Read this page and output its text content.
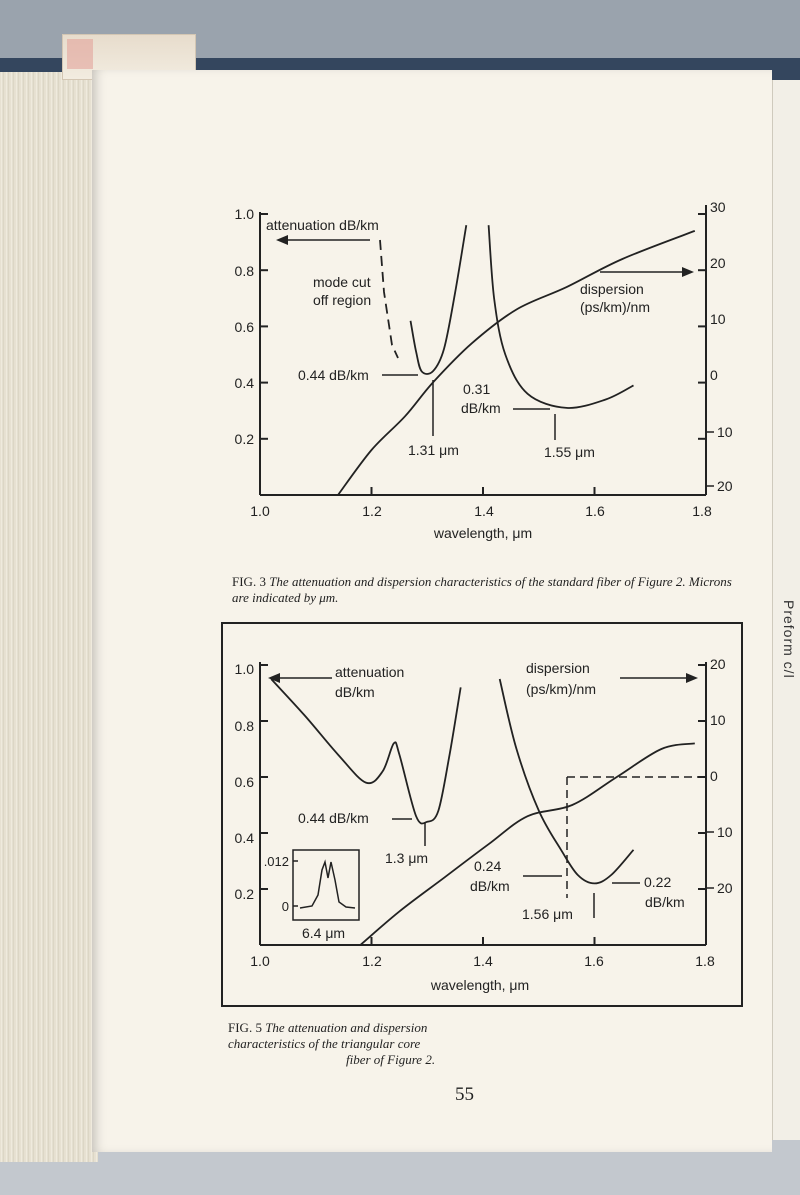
Preform c/l
1.0	1.2	1.4	1.6	1.8
1.0
0.8
0.6
0.4
0.2
30
20
10
0
10
20
wavelength, μm
attenuation dB/km
mode cut
off region
dispersion
(ps/km)/nm
0.44 dB/km
1.31 μm
0.31
dB/km
1.55 μm
1.0	1.2	1.4	1.6	1.8
1.0
0.8
0.6
0.4
0.2
20
10
0
10
20
wavelength, μm
attenuation
dB/km
dispersion
(ps/km)/nm
0.44 dB/km
1.3 μm	0.24
dB/km
1.56 μm
0.22
dB/km
.012
0
6.4 μm
FIG. 3 The attenuation and dispersion characteristics of the standard fiber of Figure 2. Microns are indicated by μm.
FIG. 5 The attenuation and dispersion
characteristics of the triangular core
fiber of Figure 2.
55
